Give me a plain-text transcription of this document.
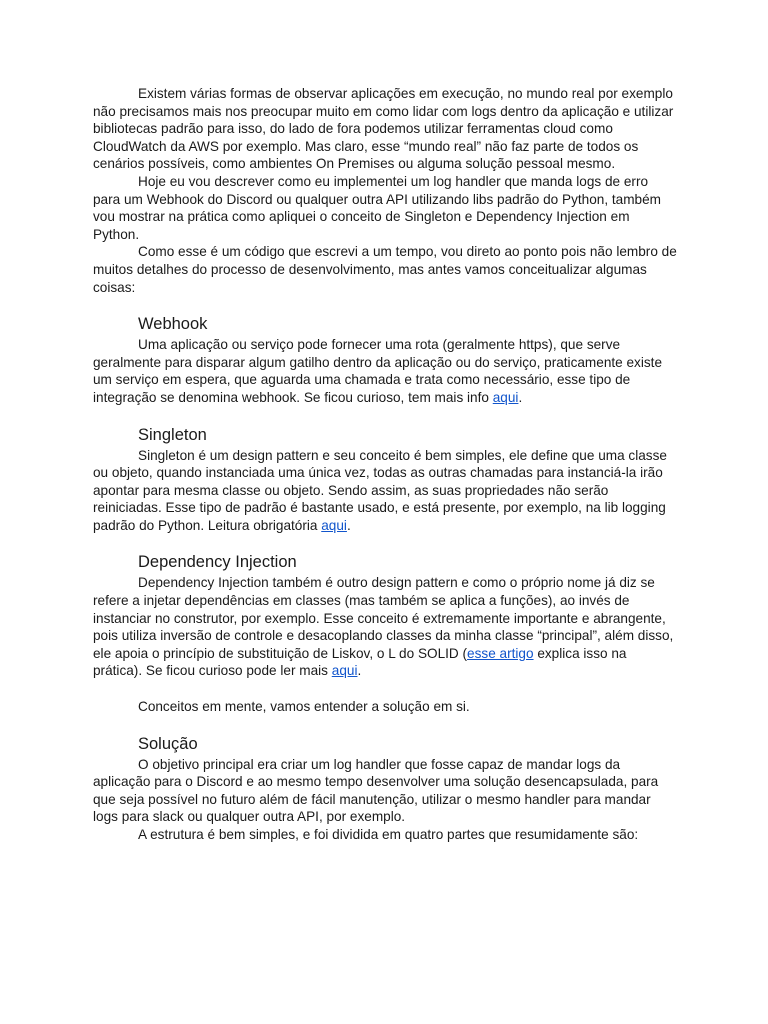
Existem várias formas de observar aplicações em execução, no mundo real por exemplo não precisamos mais nos preocupar muito em como lidar com logs dentro da aplicação e utilizar bibliotecas padrão para isso, do lado de fora podemos utilizar ferramentas cloud como CloudWatch da AWS por exemplo. Mas claro, esse “mundo real” não faz parte de todos os cenários possíveis, como ambientes On Premises ou alguma solução pessoal mesmo.

Hoje eu vou descrever como eu implementei um log handler que manda logs de erro para um Webhook do Discord ou qualquer outra API utilizando libs padrão do Python, também vou mostrar na prática como apliquei o conceito de Singleton e Dependency Injection em Python.

Como esse é um código que escrevi a um tempo, vou direto ao ponto pois não lembro de muitos detalhes do processo de desenvolvimento, mas antes vamos conceitualizar algumas coisas:

Webhook

Uma aplicação ou serviço pode fornecer uma rota (geralmente https), que serve geralmente para disparar algum gatilho dentro da aplicação ou do serviço, praticamente existe um serviço em espera, que aguarda uma chamada e trata como necessário, esse tipo de integração se denomina webhook. Se ficou curioso, tem mais info aqui.

Singleton

Singleton é um design pattern e seu conceito é bem simples, ele define que uma classe ou objeto, quando instanciada uma única vez, todas as outras chamadas para instanciá-la irão apontar para mesma classe ou objeto. Sendo assim, as suas propriedades não serão reiniciadas. Esse tipo de padrão é bastante usado, e está presente, por exemplo, na lib logging padrão do Python. Leitura obrigatória aqui.

Dependency Injection

Dependency Injection também é outro design pattern e como o próprio nome já diz se refere a injetar dependências em classes (mas também se aplica a funções), ao invés de instanciar no construtor, por exemplo. Esse conceito é extremamente importante e abrangente, pois utiliza inversão de controle e desacoplando classes da minha classe “principal”, além disso, ele apoia o princípio de substituição de Liskov, o L do SOLID (esse artigo explica isso na prática). Se ficou curioso pode ler mais aqui.

Conceitos em mente, vamos entender a solução em si.

Solução

O objetivo principal era criar um log handler que fosse capaz de mandar logs da aplicação para o Discord e ao mesmo tempo desenvolver uma solução desencapsulada, para que seja possível no futuro além de fácil manutenção, utilizar o mesmo handler para mandar logs para slack ou qualquer outra API, por exemplo.

A estrutura é bem simples, e foi dividida em quatro partes que resumidamente são:
